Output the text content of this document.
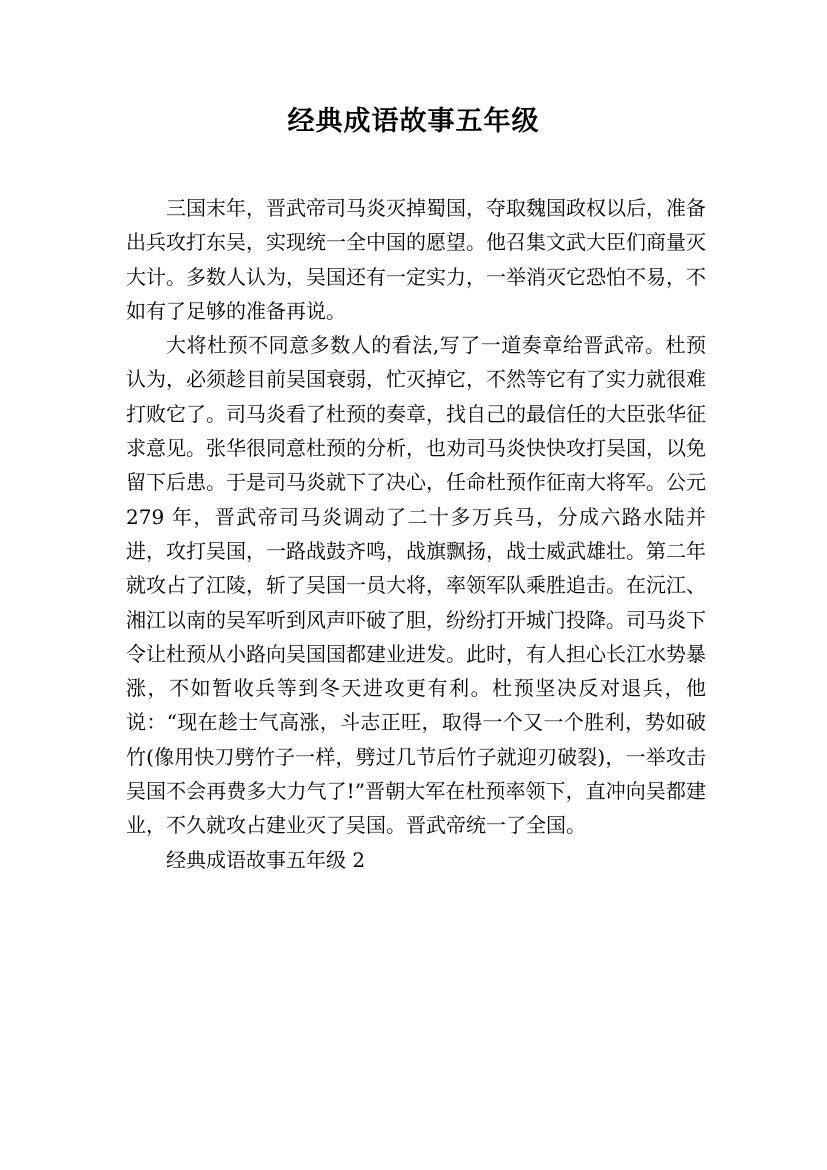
经典成语故事五年级

三国末年，晋武帝司马炎灭掉蜀国，夺取魏国政权以后，准备出兵攻打东吴，实现统一全中国的愿望。他召集文武大臣们商量灭大计。多数人认为，吴国还有一定实力，一举消灭它恐怕不易，不如有了足够的准备再说。

大将杜预不同意多数人的看法,写了一道奏章给晋武帝。杜预认为，必须趁目前吴国衰弱，忙灭掉它，不然等它有了实力就很难打败它了。司马炎看了杜预的奏章，找自己的最信任的大臣张华征求意见。张华很同意杜预的分析，也劝司马炎快快攻打吴国，以免留下后患。于是司马炎就下了决心，任命杜预作征南大将军。公元 279 年，晋武帝司马炎调动了二十多万兵马，分成六路水陆并进，攻打吴国，一路战鼓齐鸣，战旗飘扬，战士威武雄壮。第二年就攻占了江陵，斩了吴国一员大将，率领军队乘胜追击。在沅江、湘江以南的吴军听到风声吓破了胆，纷纷打开城门投降。司马炎下令让杜预从小路向吴国国都建业进发。此时，有人担心长江水势暴涨，不如暂收兵等到冬天进攻更有利。杜预坚决反对退兵，他说：“现在趁士气高涨，斗志正旺，取得一个又一个胜利，势如破竹(像用快刀劈竹子一样，劈过几节后竹子就迎刃破裂)，一举攻击吴国不会再费多大力气了!”晋朝大军在杜预率领下，直冲向吴都建业，不久就攻占建业灭了吴国。晋武帝统一了全国。

经典成语故事五年级 2
